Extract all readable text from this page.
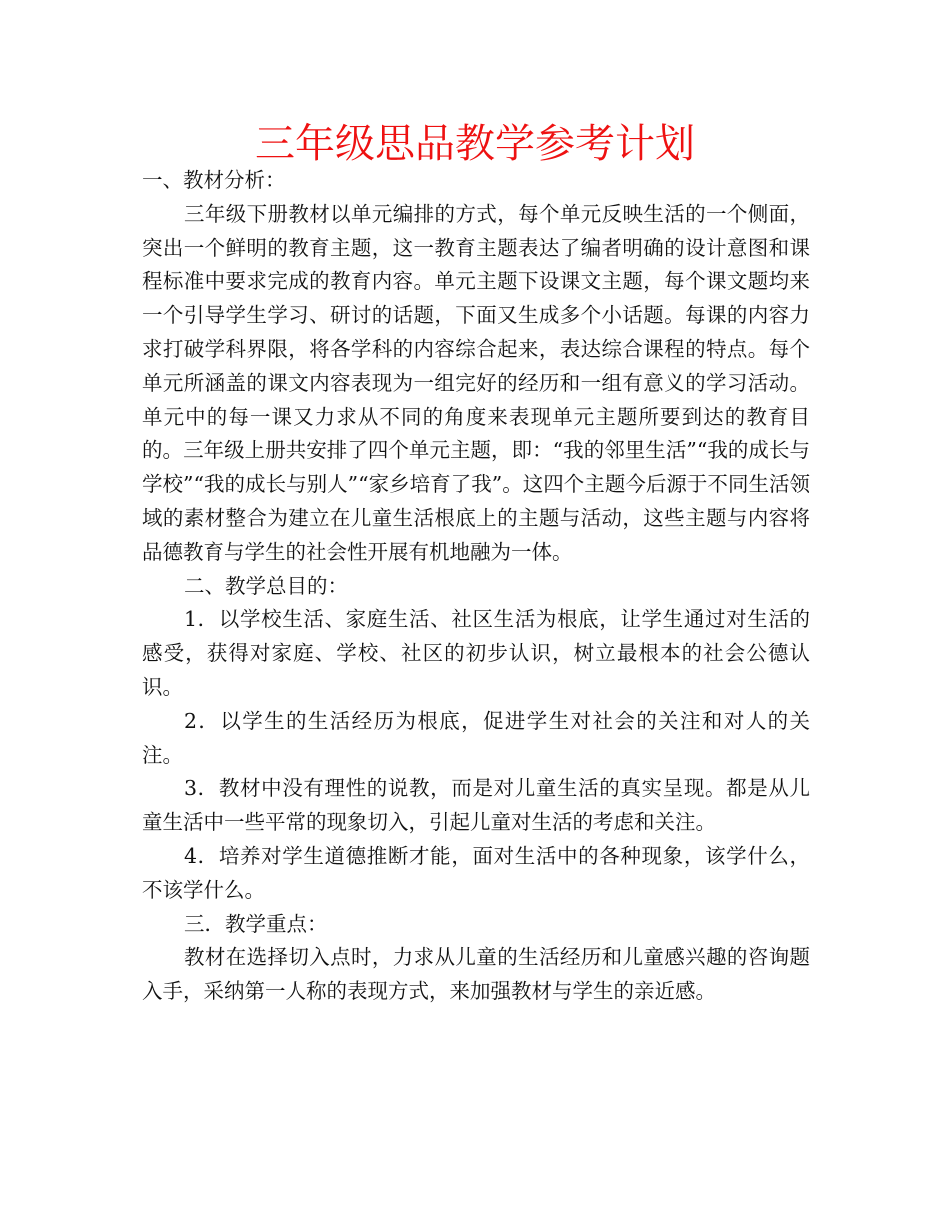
三年级思品教学参考计划

一、教材分析：

三年级下册教材以单元编排的方式，每个单元反映生活的一个侧面，突出一个鲜明的教育主题，这一教育主题表达了编者明确的设计意图和课程标准中要求完成的教育内容。单元主题下设课文主题，每个课文题均来一个引导学生学习、研讨的话题，下面又生成多个小话题。每课的内容力求打破学科界限，将各学科的内容综合起来，表达综合课程的特点。每个单元所涵盖的课文内容表现为一组完好的经历和一组有意义的学习活动。单元中的每一课又力求从不同的角度来表现单元主题所要到达的教育目的。三年级上册共安排了四个单元主题，即：“我的邻里生活”“我的成长与学校”“我的成长与别人”“家乡培育了我”。这四个主题今后源于不同生活领域的素材整合为建立在儿童生活根底上的主题与活动，这些主题与内容将品德教育与学生的社会性开展有机地融为一体。

二、教学总目的：

1．以学校生活、家庭生活、社区生活为根底，让学生通过对生活的感受，获得对家庭、学校、社区的初步认识，树立最根本的社会公德认识。

2．以学生的生活经历为根底，促进学生对社会的关注和对人的关注。

3．教材中没有理性的说教，而是对儿童生活的真实呈现。都是从儿童生活中一些平常的现象切入，引起儿童对生活的考虑和关注。

4．培养对学生道德推断才能，面对生活中的各种现象，该学什么，不该学什么。

三．教学重点：

教材在选择切入点时，力求从儿童的生活经历和儿童感兴趣的咨询题入手，采纳第一人称的表现方式，来加强教材与学生的亲近感。
